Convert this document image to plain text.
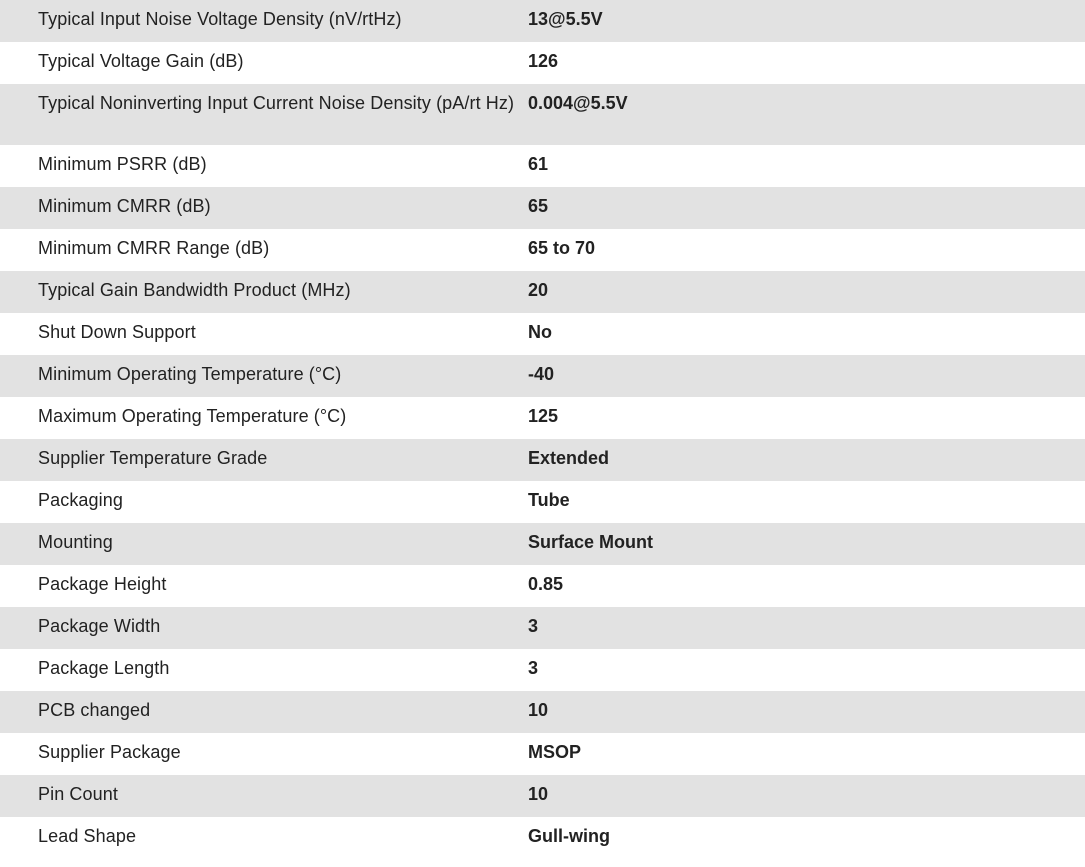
Typical Input Noise Voltage Density (nV/rtHz)	13@5.5V
Typical Voltage Gain (dB)	126
Typical Noninverting Input Current Noise Density (pA/rt Hz)	0.004@5.5V
Minimum PSRR (dB)	61
Minimum CMRR (dB)	65
Minimum CMRR Range (dB)	65 to 70
Typical Gain Bandwidth Product (MHz)	20
Shut Down Support	No
Minimum Operating Temperature (°C)	-40
Maximum Operating Temperature (°C)	125
Supplier Temperature Grade	Extended
Packaging	Tube
Mounting	Surface Mount
Package Height	0.85
Package Width	3
Package Length	3
PCB changed	10
Supplier Package	MSOP
Pin Count	10
Lead Shape	Gull-wing
